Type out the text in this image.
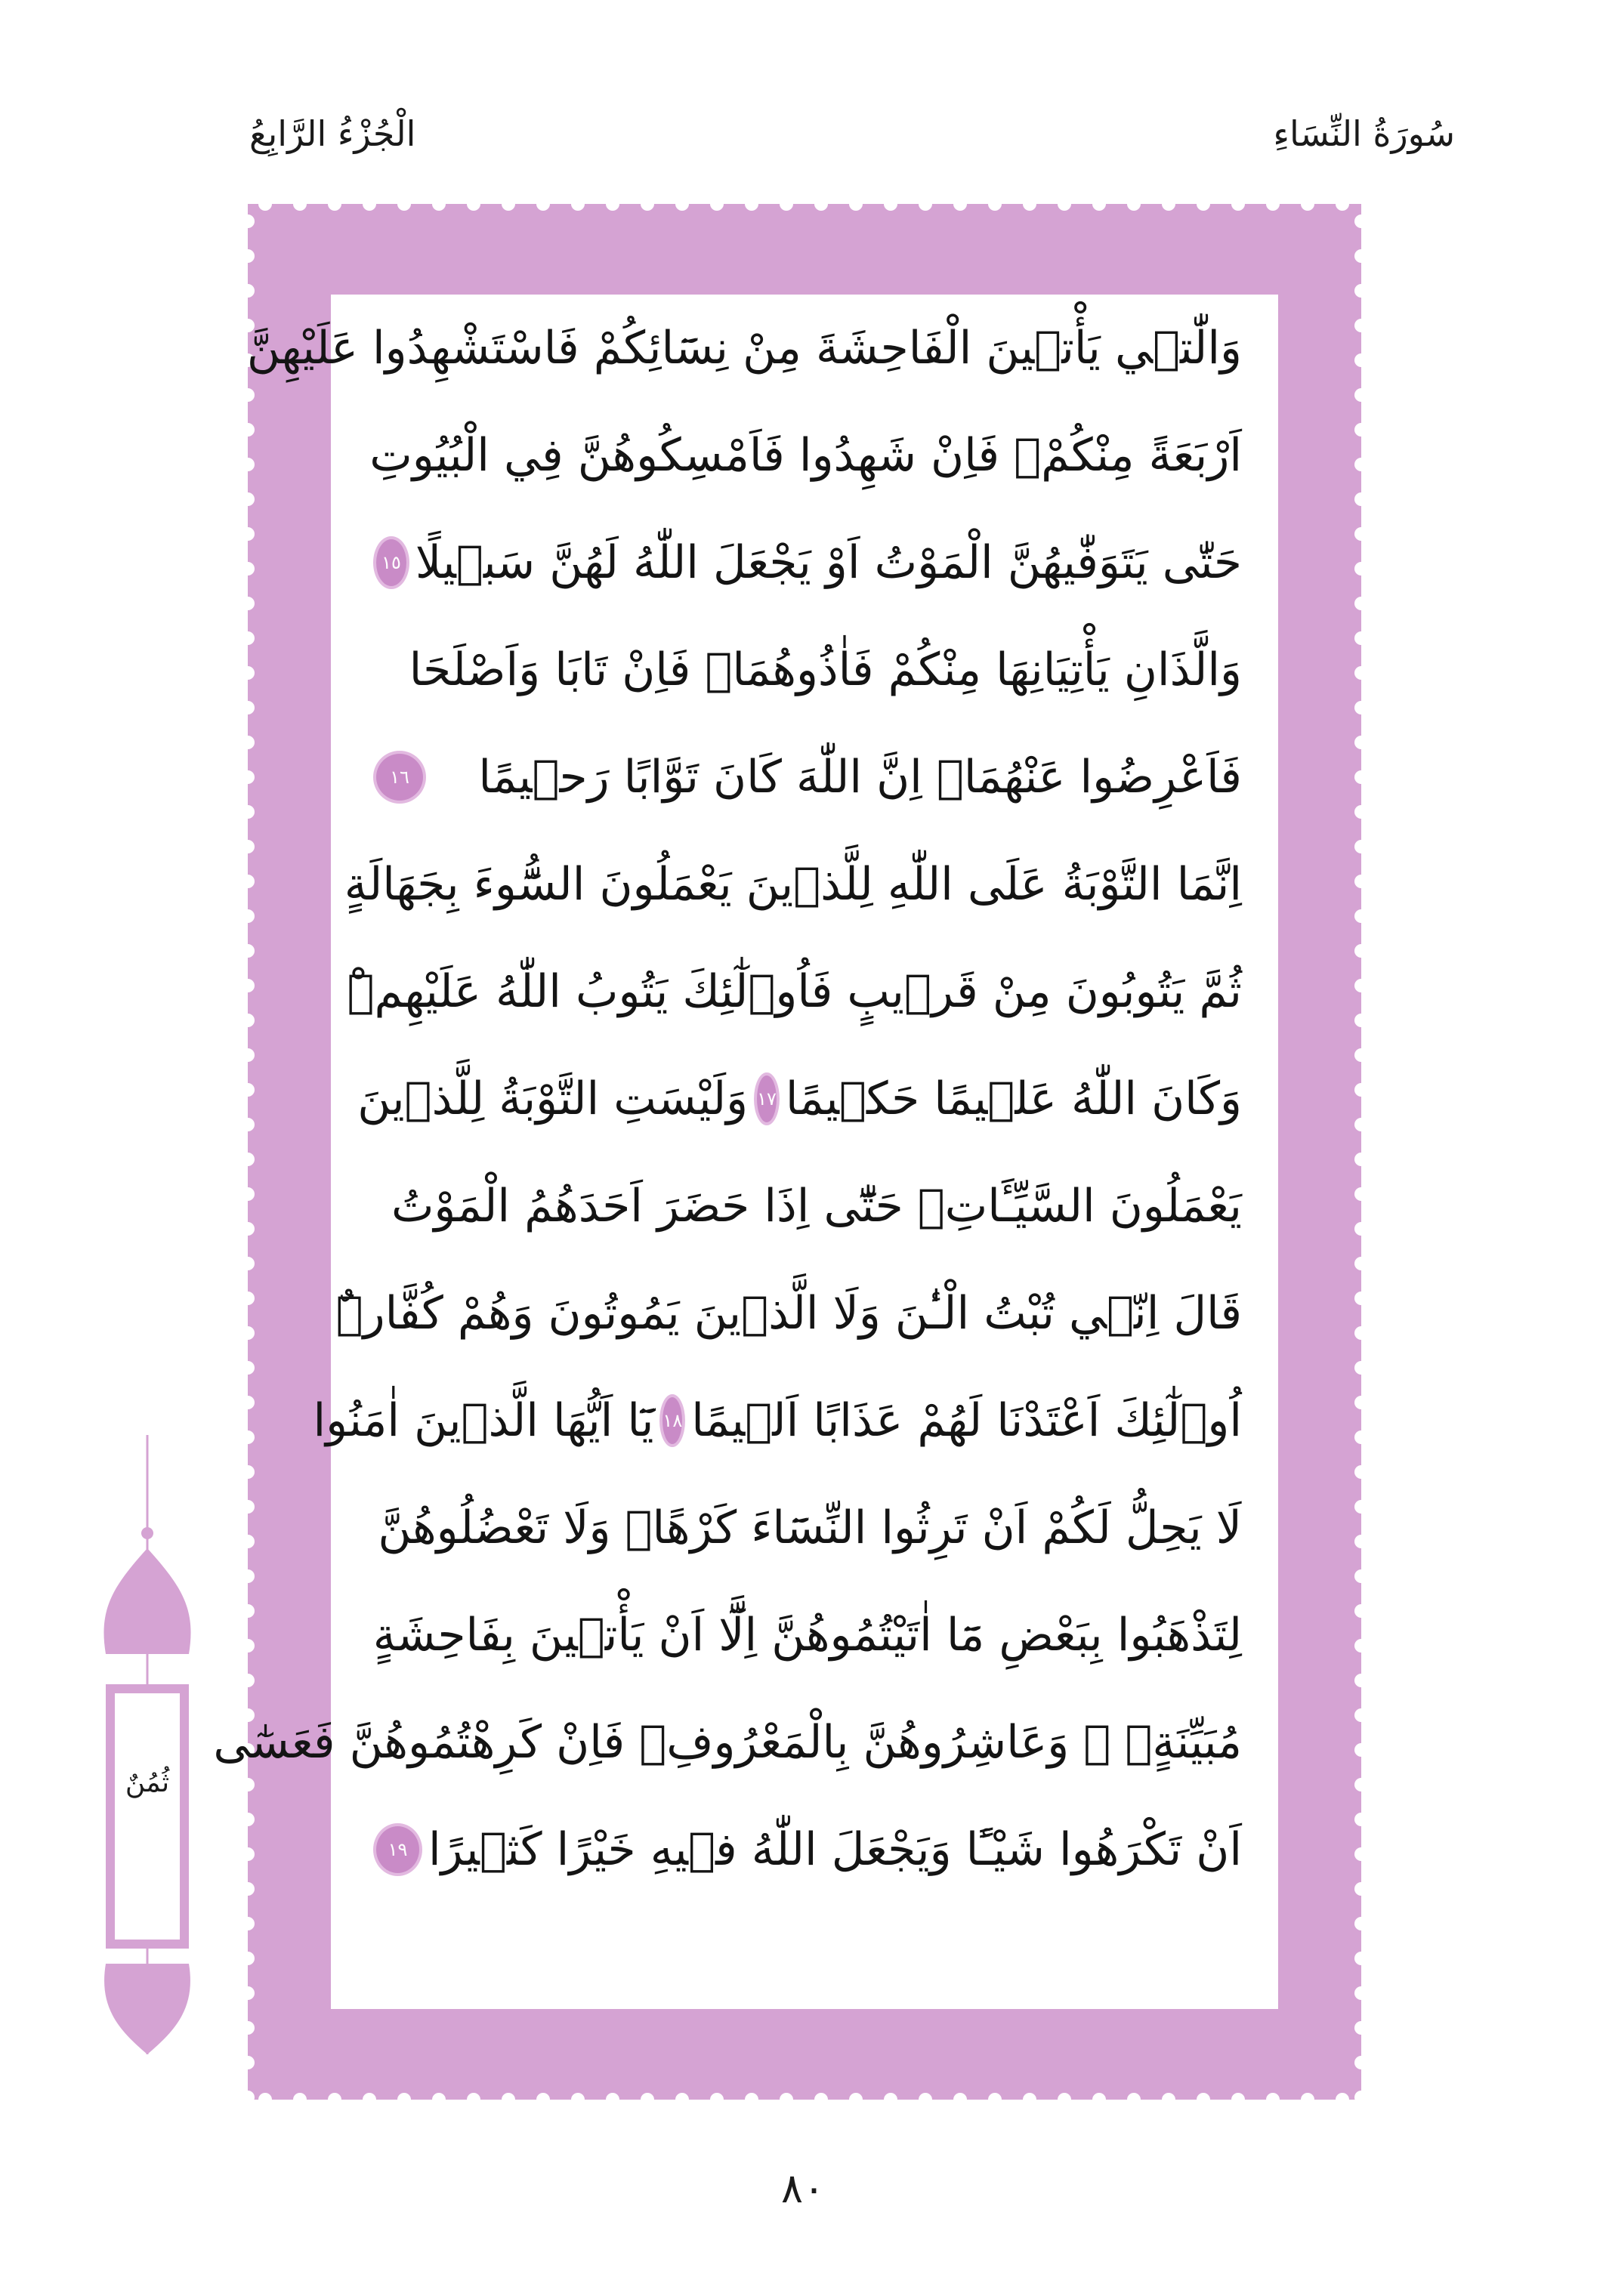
سُورَةُ النِّسَاءِ
الْجُزْءُ الرَّابِعُ
وَالّٰت۪ي يَأْت۪ينَ الْفَاحِشَةَ مِنْ نِسَٓائِكُمْ فَاسْتَشْهِدُوا عَلَيْهِنَّ
اَرْبَعَةً مِنْكُمْۚ فَاِنْ شَهِدُوا فَاَمْسِكُوهُنَّ فِي الْبُيُوتِ
حَتّٰى يَتَوَفّٰيهُنَّ الْمَوْتُ اَوْ يَجْعَلَ اللّٰهُ لَهُنَّ سَب۪يلًا
١٥
وَالَّذَانِ يَأْتِيَانِهَا مِنْكُمْ فَاٰذُوهُمَاۚ فَاِنْ تَابَا وَاَصْلَحَا
فَاَعْرِضُوا عَنْهُمَاۜ اِنَّ اللّٰهَ كَانَ تَوَّابًا رَح۪يمًا
١٦
اِنَّمَا التَّوْبَةُ عَلَى اللّٰهِ لِلَّذ۪ينَ يَعْمَلُونَ السُّٓوءَ بِجَهَالَةٍ
ثُمَّ يَتُوبُونَ مِنْ قَر۪يبٍ فَاُو۬لٰٓئِكَ يَتُوبُ اللّٰهُ عَلَيْهِمْۜ
وَكَانَ اللّٰهُ عَل۪يمًا حَك۪يمًا
١٧
وَلَيْسَتِ التَّوْبَةُ لِلَّذ۪ينَ
يَعْمَلُونَ السَّيِّـَٔاتِۚ حَتّٰٓى اِذَا حَضَرَ اَحَدَهُمُ الْمَوْتُ
قَالَ اِنّ۪ي تُبْتُ الْـٰٔنَ وَلَا الَّذ۪ينَ يَمُوتُونَ وَهُمْ كُفَّارٌۜ
اُو۬لٰٓئِكَ اَعْتَدْنَا لَهُمْ عَذَابًا اَل۪يمًا
١٨
يَٓا اَيُّهَا الَّذ۪ينَ اٰمَنُوا
لَا يَحِلُّ لَكُمْ اَنْ تَرِثُوا النِّسَٓاءَ كَرْهًاۜ وَلَا تَعْضُلُوهُنَّ
لِتَذْهَبُوا بِبَعْضِ مَٓا اٰتَيْتُمُوهُنَّ اِلَّٓا اَنْ يَأْت۪ينَ بِفَاحِشَةٍ
مُبَيِّنَةٍۚ ۞ وَعَاشِرُوهُنَّ بِالْمَعْرُوفِۚ فَاِنْ كَرِهْتُمُوهُنَّ فَعَسٰٓى
اَنْ تَكْرَهُوا شَيْـًٔا وَيَجْعَلَ اللّٰهُ ف۪يهِ خَيْرًا كَث۪يرًا
١٩
ثُمُنٌ
٨٠
